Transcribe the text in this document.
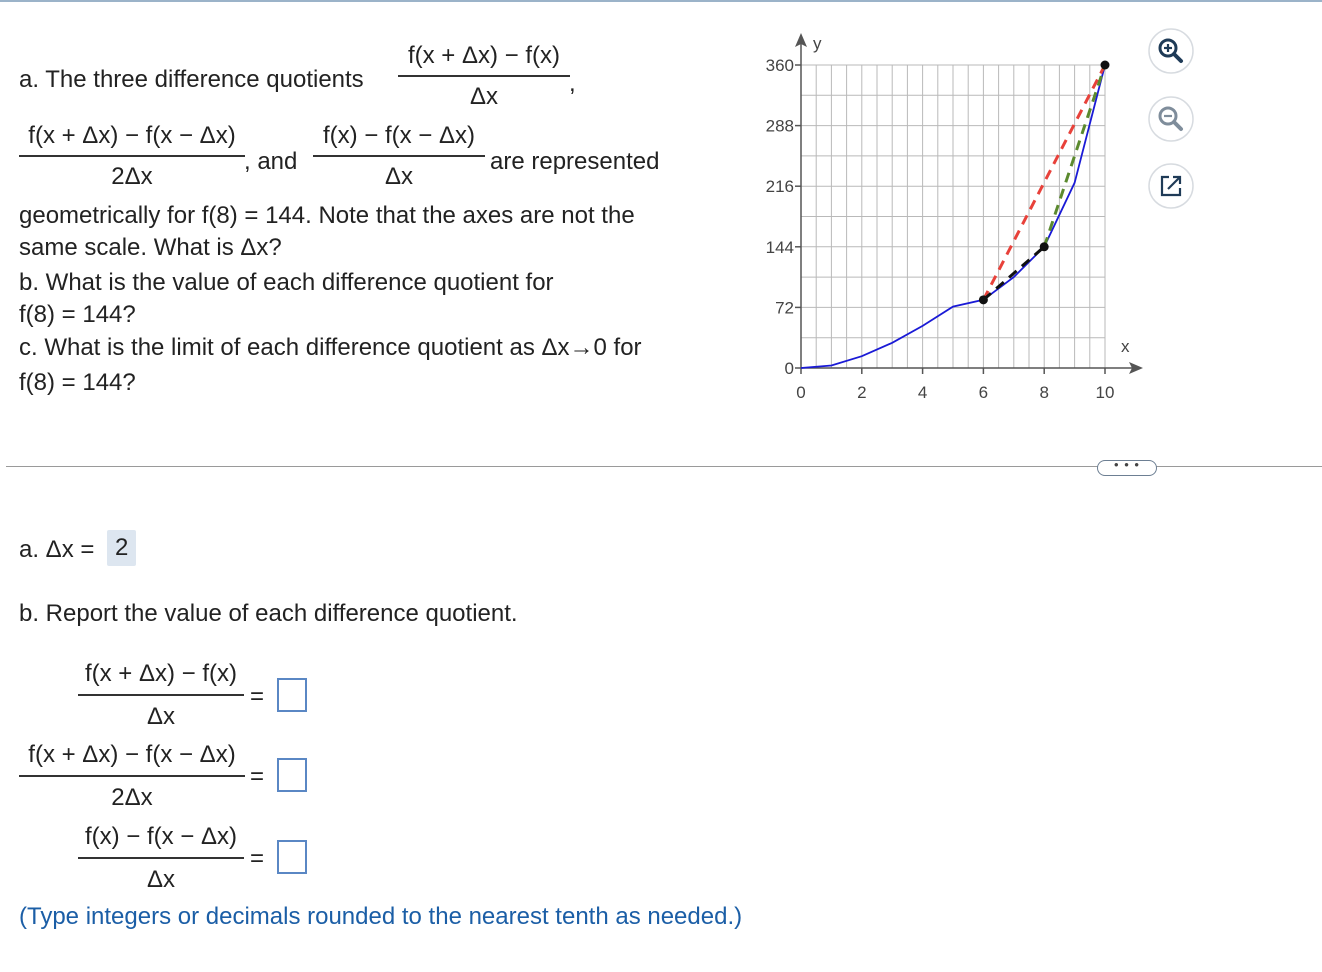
a. The three difference quotients
f(x + Δx) − f(x)
Δx	,
f(x + Δx) − f(x − Δx)
2Δx
, and
f(x) − f(x − Δx)
Δx
are represented
geometrically for f(8) = 144. Note that the axes are not the
same scale. What is Δx?
b. What is the value of each difference quotient for
f(8) = 144?
c. What is the limit of each difference quotient as Δx→0 for
f(8) = 144?
y
x
360
288
216
144
72
0
0	2	4	6	8	10
• • •
a. Δx = 2
b. Report the value of each difference quotient.
f(x + Δx) − f(x)
Δx
=
f(x + Δx) − f(x − Δx)
2Δx
=
f(x) − f(x − Δx)
Δx
=
(Type integers or decimals rounded to the nearest tenth as needed.)
